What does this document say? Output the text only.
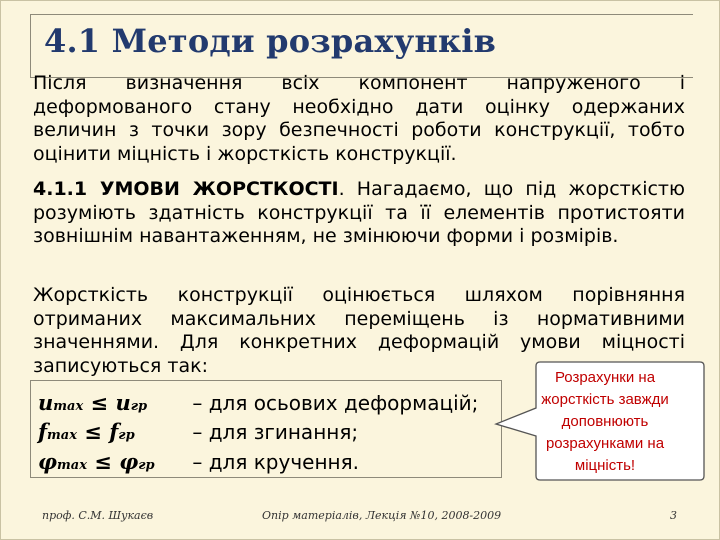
4.1 Методи розрахунків
Після визначення всіх компонент напруженого і деформованого стану необхідно дати оцінку одержаних величин з точки зору безпечності роботи конструкції, тобто оцінити міцність і жорсткість конструкції.
4.1.1 УМОВИ ЖОРСТКОСТІ. Нагадаємо, що під жорсткістю розуміють здатність конструкції та її елементів протистояти зовнішнім навантаженням, не змінюючи форми і розмірів.
Жорсткість конструкції оцінюється шляхом порівняння отриманих максимальних переміщень із нормативними значеннями. Для конкретних деформацій умови міцності записуються так:
umax ≤ uгр – для осьових деформацій;
fmax ≤ fгр	– для згинання;
φmax ≤ φгр – для кручення.
Розрахунки на жорсткість завжди доповнюють розрахунками на міцність!
проф. С.М. Шукаєв	Опір матеріалів, Лекція №10, 2008-2009	3
